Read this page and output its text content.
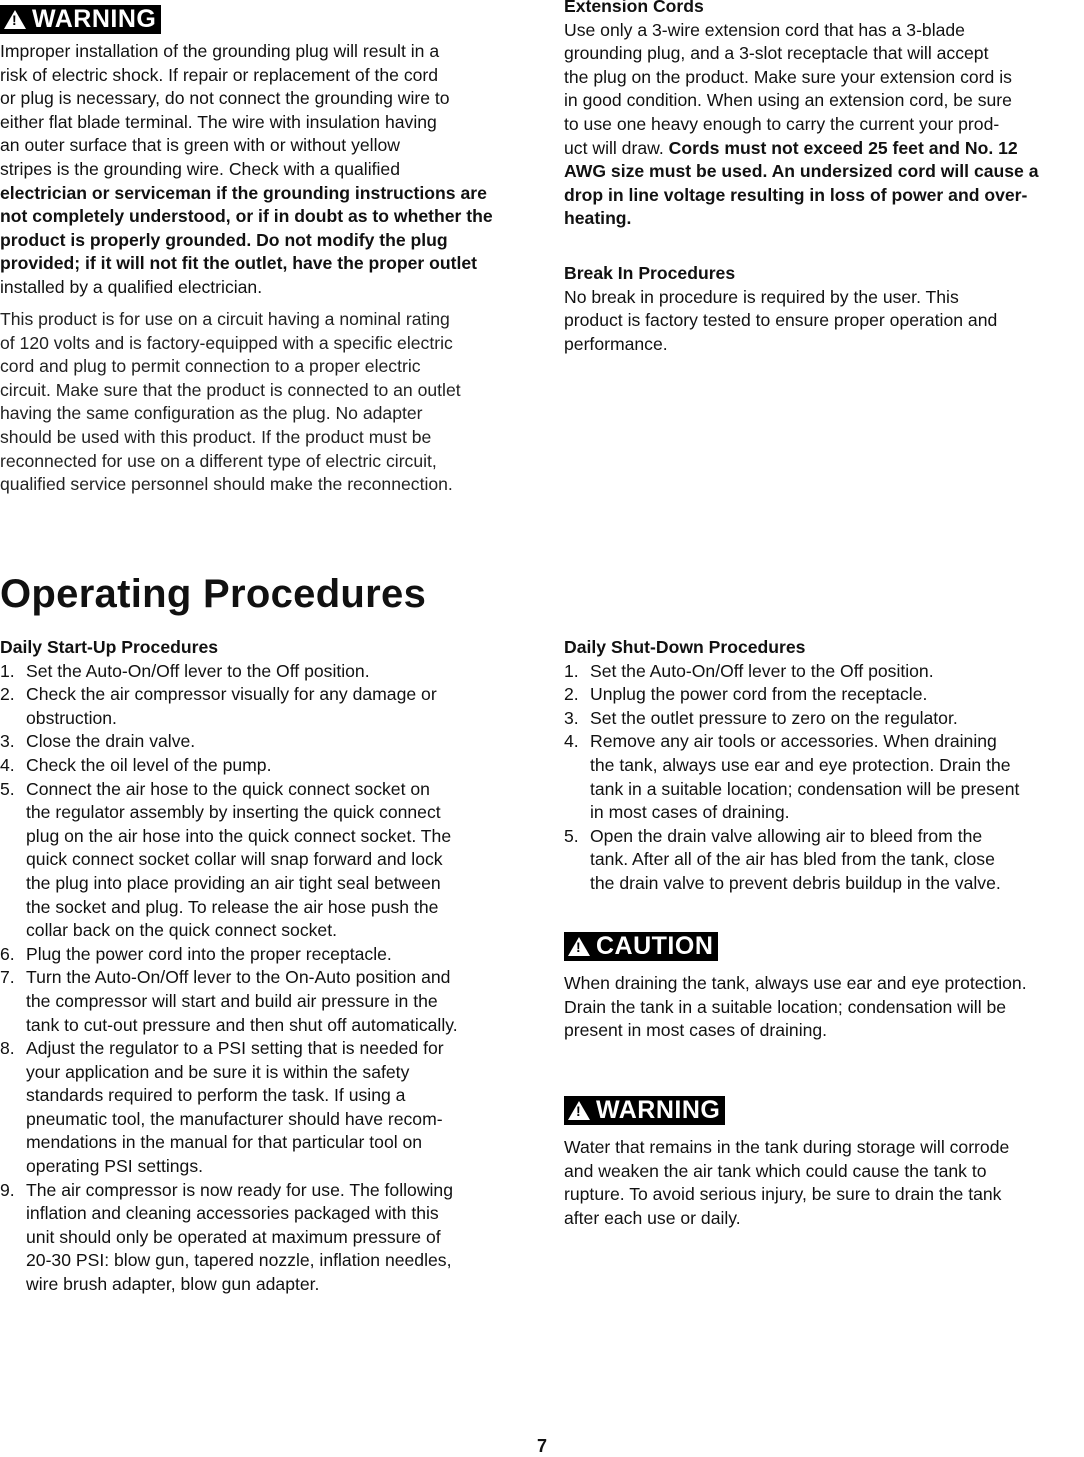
!
WARNING
Improper installation of the grounding plug will result in a
risk of electric shock. If repair or replacement of the cord
or plug is necessary, do not connect the grounding wire to
either flat blade terminal. The wire with insulation having
an outer surface that is green with or without yellow
stripes is the grounding wire. Check with a qualified
electrician or serviceman if the grounding instructions are
not completely understood, or if in doubt as to whether the
product is properly grounded. Do not modify the plug
provided; if it will not fit the outlet, have the proper outlet
installed by a qualified electrician.
This product is for use on a circuit having a nominal rating
of 120 volts and is factory-equipped with a specific electric
cord and plug to permit connection to a proper electric
circuit. Make sure that the product is connected to an outlet
having the same configuration as the plug. No adapter
should be used with this product. If the product must be
reconnected for use on a different type of electric circuit,
qualified service personnel should make the reconnection.
Extension Cords
Use only a 3-wire extension cord that has a 3-blade
grounding plug, and a 3-slot receptacle that will accept
the plug on the product. Make sure your extension cord is
in good condition. When using an extension cord, be sure
to use one heavy enough to carry the current your prod-
uct will draw. Cords must not exceed 25 feet and No. 12
AWG size must be used. An undersized cord will cause a
drop in line voltage resulting in loss of power and over-
heating.
Break In Procedures
No break in procedure is required by the user. This
product is factory tested to ensure proper operation and
performance.
Operating Procedures
Daily Start-Up Procedures
1. Set the Auto-On/Off lever to the Off position.
2. Check the air compressor visually for any damage or
obstruction.
3. Close the drain valve.
4. Check the oil level of the pump.
5. Connect the air hose to the quick connect socket on
the regulator assembly by inserting the quick connect
plug on the air hose into the quick connect socket. The
quick connect socket collar will snap forward and lock
the plug into place providing an air tight seal between
the socket and plug. To release the air hose push the
collar back on the quick connect socket.
6. Plug the power cord into the proper receptacle.
7. Turn the Auto-On/Off lever to the On-Auto position and
the compressor will start and build air pressure in the
tank to cut-out pressure and then shut off automatically.
8. Adjust the regulator to a PSI setting that is needed for
your application and be sure it is within the safety
standards required to perform the task. If using a
pneumatic tool, the manufacturer should have recom-
mendations in the manual for that particular tool on
operating PSI settings.
9. The air compressor is now ready for use. The following
inflation and cleaning accessories packaged with this
unit should only be operated at maximum pressure of
20-30 PSI: blow gun, tapered nozzle, inflation needles,
wire brush adapter, blow gun adapter.
Daily Shut-Down Procedures
1. Set the Auto-On/Off lever to the Off position.
2. Unplug the power cord from the receptacle.
3. Set the outlet pressure to zero on the regulator.
4. Remove any air tools or accessories. When draining
the tank, always use ear and eye protection. Drain the
tank in a suitable location; condensation will be present
in most cases of draining.
5. Open the drain valve allowing air to bleed from the
tank. After all of the air has bled from the tank, close
the drain valve to prevent debris buildup in the valve.
!
CAUTION
When draining the tank, always use ear and eye protection.
Drain the tank in a suitable location; condensation will be
present in most cases of draining.
!
WARNING
Water that remains in the tank during storage will corrode
and weaken the air tank which could cause the tank to
rupture. To avoid serious injury, be sure to drain the tank
after each use or daily.
7
